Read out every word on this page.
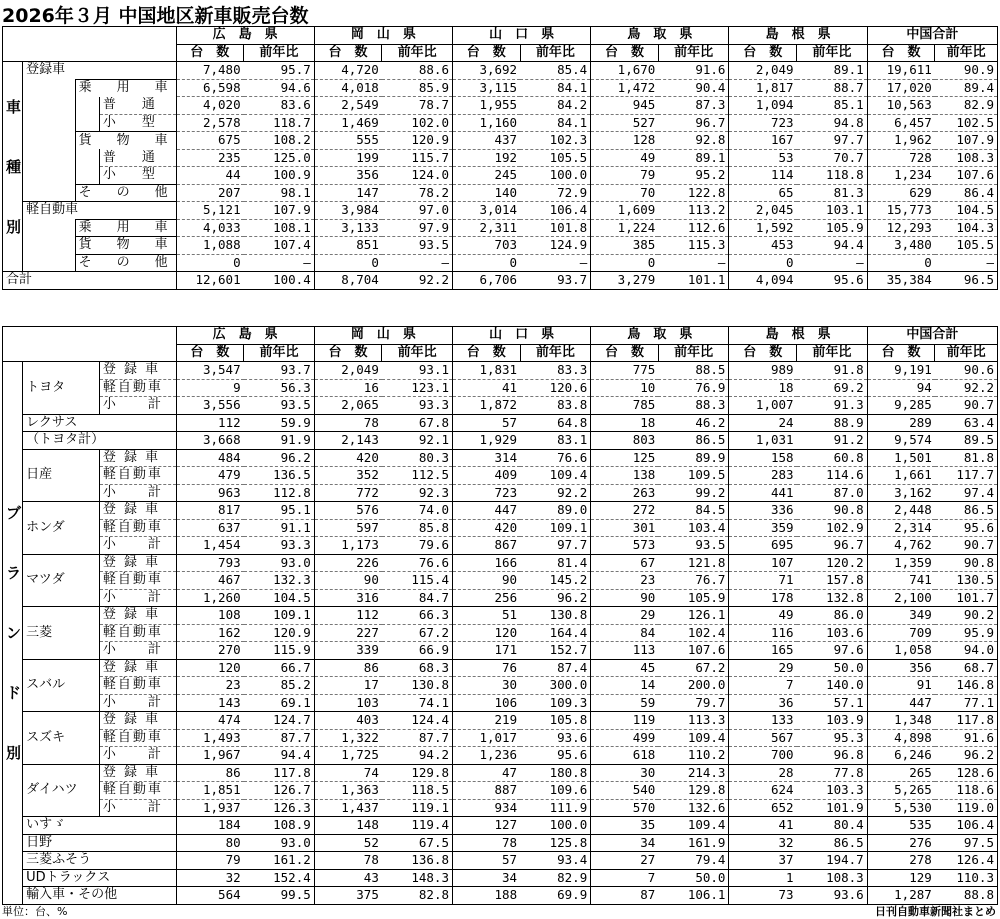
2026年３月 中国地区新車販売台数
				広　島　県		岡　山　県		山　口　県		鳥　取　県		島　根　県		中国合計	
				台　数	前年比	台　数	前年比	台　数	前年比	台　数	前年比	台　数	前年比	台　数	前年比
車

種

別	登録車			7,480	95.7	4,720	88.6	3,692	85.4	1,670	91.6	2,049	89.1	19,611	90.9
		乗　用　車		6,598	94.6	4,018	85.9	3,115	84.1	1,472	90.4	1,817	88.7	17,020	89.4
			普　　通	4,020	83.6	2,549	78.7	1,955	84.2	945	87.3	1,094	85.1	10,563	82.9
			小　　型	2,578	118.7	1,469	102.0	1,160	84.1	527	96.7	723	94.8	6,457	102.5
		貨　物　車		675	108.2	555	120.9	437	102.3	128	92.8	167	97.7	1,962	107.9
			普　　通	235	125.0	199	115.7	192	105.5	49	89.1	53	70.7	728	108.3
			小　　型	44	100.9	356	124.0	245	100.0	79	95.2	114	118.8	1,234	107.6
		そ　の　他		207	98.1	147	78.2	140	72.9	70	122.8	65	81.3	629	86.4
	軽自動車			5,121	107.9	3,984	97.0	3,014	106.4	1,609	113.2	2,045	103.1	15,773	104.5
		乗　用　車		4,033	108.1	3,133	97.9	2,311	101.8	1,224	112.6	1,592	105.9	12,293	104.3
		貨　物　車		1,088	107.4	851	93.5	703	124.9	385	115.3	453	94.4	3,480	105.5
		そ　の　他		0	―	0	―	0	―	0	―	0	―	0	―
合計				12,601	100.4	8,704	92.2	6,706	93.7	3,279	101.1	4,094	95.6	35,384	96.5
			広　島　県		岡　山　県		山　口　県		鳥　取　県		島　根　県		中国合計	
			台　数	前年比	台　数	前年比	台　数	前年比	台　数	前年比	台　数	前年比	台　数	前年比
ブ

ラ

ン

ド

別	トヨタ	登 録 車	3,547	93.7	2,049	93.1	1,831	83.3	775	88.5	989	91.8	9,191	90.6
		軽自動車	9	56.3	16	123.1	41	120.6	10	76.9	18	69.2	94	92.2
		小　　計	3,556	93.5	2,065	93.3	1,872	83.8	785	88.3	1,007	91.3	9,285	90.7
	レクサス		112	59.9	78	67.8	57	64.8	18	46.2	24	88.9	289	63.4
	（トヨタ計）		3,668	91.9	2,143	92.1	1,929	83.1	803	86.5	1,031	91.2	9,574	89.5
	日産	登 録 車	484	96.2	420	80.3	314	76.6	125	89.9	158	60.8	1,501	81.8
		軽自動車	479	136.5	352	112.5	409	109.4	138	109.5	283	114.6	1,661	117.7
		小　　計	963	112.8	772	92.3	723	92.2	263	99.2	441	87.0	3,162	97.4
	ホンダ	登 録 車	817	95.1	576	74.0	447	89.0	272	84.5	336	90.8	2,448	86.5
		軽自動車	637	91.1	597	85.8	420	109.1	301	103.4	359	102.9	2,314	95.6
		小　　計	1,454	93.3	1,173	79.6	867	97.7	573	93.5	695	96.7	4,762	90.7
	マツダ	登 録 車	793	93.0	226	76.6	166	81.4	67	121.8	107	120.2	1,359	90.8
		軽自動車	467	132.3	90	115.4	90	145.2	23	76.7	71	157.8	741	130.5
		小　　計	1,260	104.5	316	84.7	256	96.2	90	105.9	178	132.8	2,100	101.7
	三菱	登 録 車	108	109.1	112	66.3	51	130.8	29	126.1	49	86.0	349	90.2
		軽自動車	162	120.9	227	67.2	120	164.4	84	102.4	116	103.6	709	95.9
		小　　計	270	115.9	339	66.9	171	152.7	113	107.6	165	97.6	1,058	94.0
	スバル	登 録 車	120	66.7	86	68.3	76	87.4	45	67.2	29	50.0	356	68.7
		軽自動車	23	85.2	17	130.8	30	300.0	14	200.0	7	140.0	91	146.8
		小　　計	143	69.1	103	74.1	106	109.3	59	79.7	36	57.1	447	77.1
	スズキ	登 録 車	474	124.7	403	124.4	219	105.8	119	113.3	133	103.9	1,348	117.8
		軽自動車	1,493	87.7	1,322	87.7	1,017	93.6	499	109.4	567	95.3	4,898	91.6
		小　　計	1,967	94.4	1,725	94.2	1,236	95.6	618	110.2	700	96.8	6,246	96.2
	ダイハツ	登 録 車	86	117.8	74	129.8	47	180.8	30	214.3	28	77.8	265	128.6
		軽自動車	1,851	126.7	1,363	118.5	887	109.6	540	129.8	624	103.3	5,265	118.6
		小　　計	1,937	126.3	1,437	119.1	934	111.9	570	132.6	652	101.9	5,530	119.0
	いすゞ		184	108.9	148	119.4	127	100.0	35	109.4	41	80.4	535	106.4
	日野		80	93.0	52	67.5	78	125.8	34	161.9	32	86.5	276	97.5
	三菱ふそう		79	161.2	78	136.8	57	93.4	27	79.4	37	194.7	278	126.4
	UDトラックス		32	152.4	43	148.3	34	82.9	7	50.0	1	108.3	129	110.3
	輸入車・その他		564	99.5	375	82.8	188	69.9	87	106.1	73	93.6	1,287	88.8
単位：台、%	日刊自動車新聞社まとめ
